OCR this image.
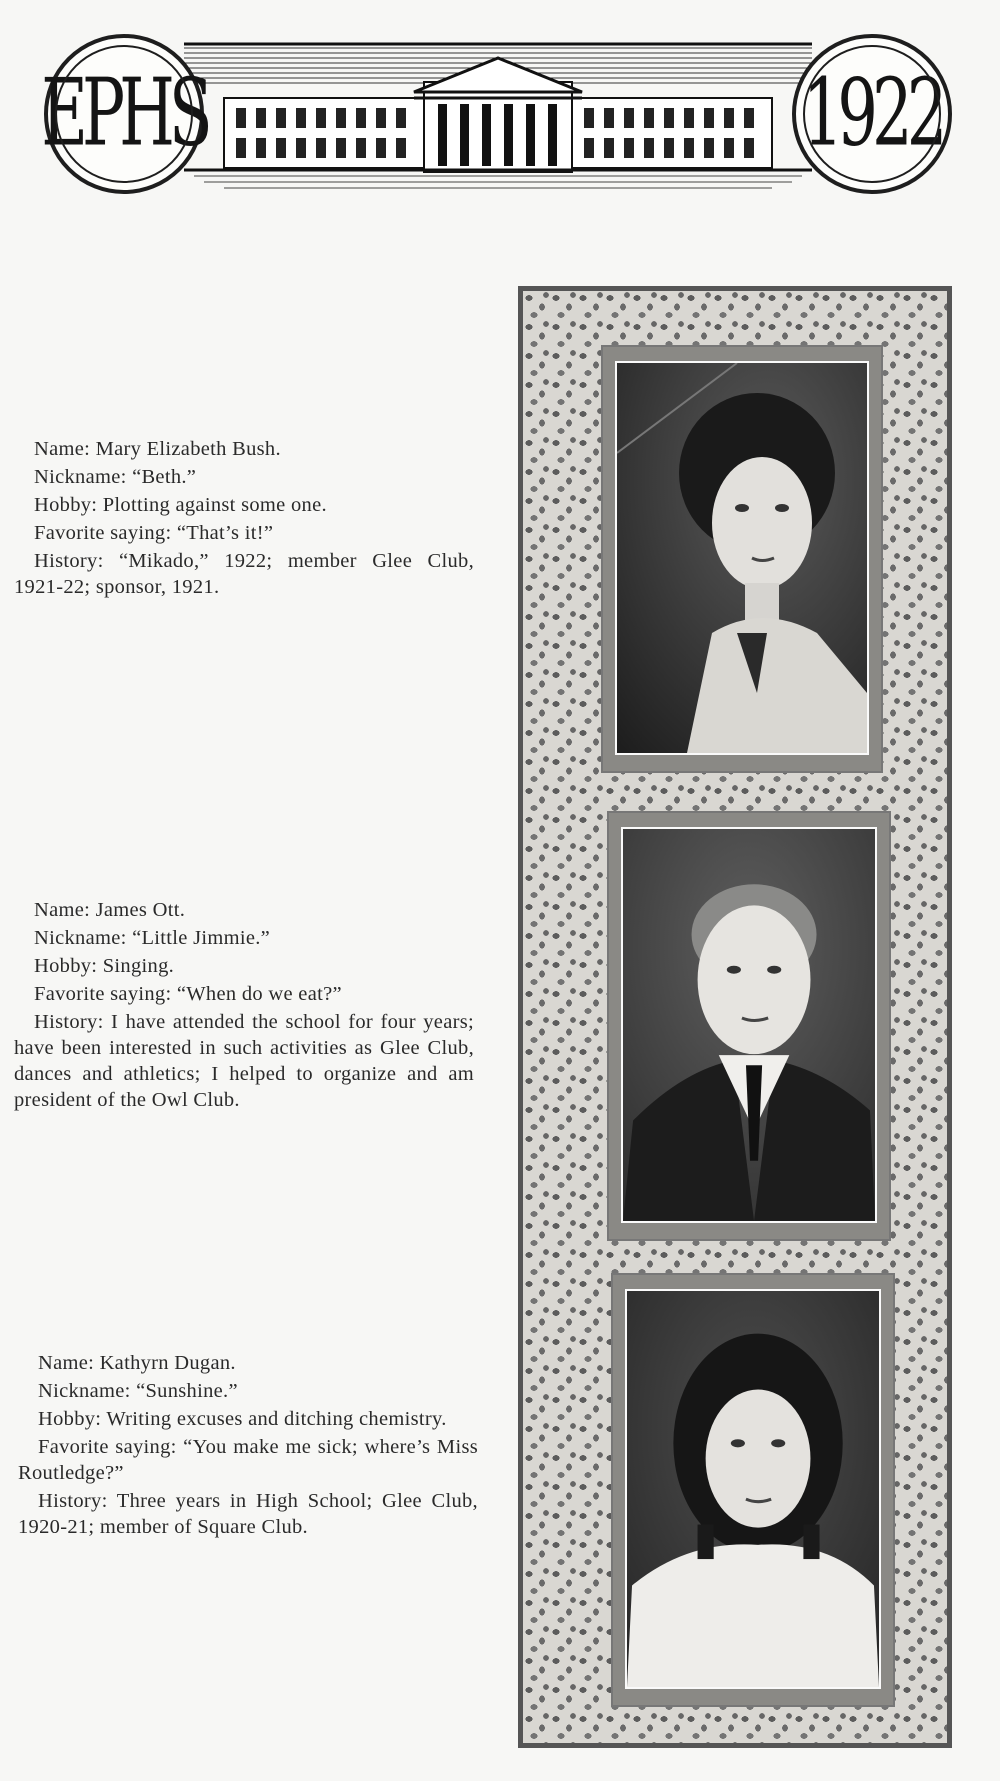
EPHS	1922

Name: Mary Elizabeth Bush.

Nickname: “Beth.”

Hobby: Plotting against some one.

Favorite saying: “That’s it!”

History: “Mikado,” 1922; member Glee Club, 1921-22; sponsor, 1921.

Name: James Ott.

Nickname: “Little Jimmie.”

Hobby: Singing.

Favorite saying: “When do we eat?”

History: I have attended the school for four years; have been interested in such activities as Glee Club, dances and athletics; I helped to organize and am president of the Owl Club.

Name: Kathyrn Dugan.

Nickname: “Sunshine.”

Hobby: Writing excuses and ditching chemistry.

Favorite saying: “You make me sick; where’s Miss Routledge?”

History: Three years in High School; Glee Club, 1920-21; member of Square Club.
